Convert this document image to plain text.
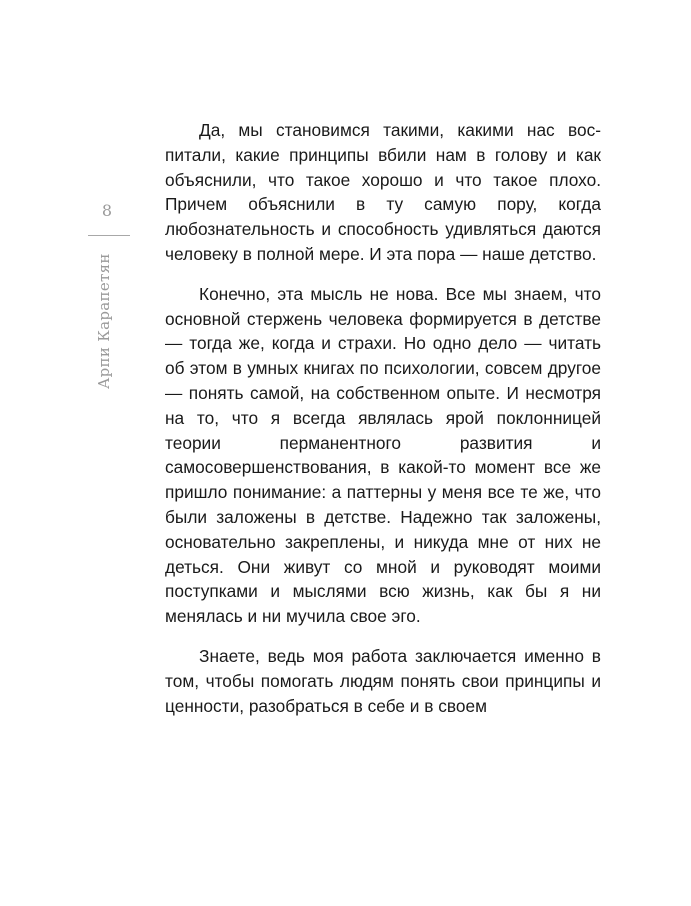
8
Арпи Карапетян

Да, мы становимся такими, какими нас воспитали, какие принципы вбили нам в голову и как объяснили, что такое хорошо и что такое плохо. Причем объяснили в ту самую пору, когда любознательность и способность удивляться даются человеку в полной мере. И эта пора — наше детство.

Конечно, эта мысль не нова. Все мы знаем, что основной стержень человека формируется в детстве — тогда же, когда и страхи. Но одно дело — читать об этом в умных книгах по психологии, совсем другое — понять самой, на собственном опыте. И несмотря на то, что я всегда являлась ярой поклонницей теории перманентного развития и самосовершенствования, в какой-то момент все же пришло понимание: а паттерны у меня все те же, что были заложены в детстве. Надежно так заложены, основательно закреплены, и никуда мне от них не деться. Они живут со мной и руководят моими поступками и мыслями всю жизнь, как бы я ни менялась и ни мучила свое эго.

Знаете, ведь моя работа заключается именно в том, чтобы помогать людям понять свои принципы и ценности, разобраться в себе и в своем
